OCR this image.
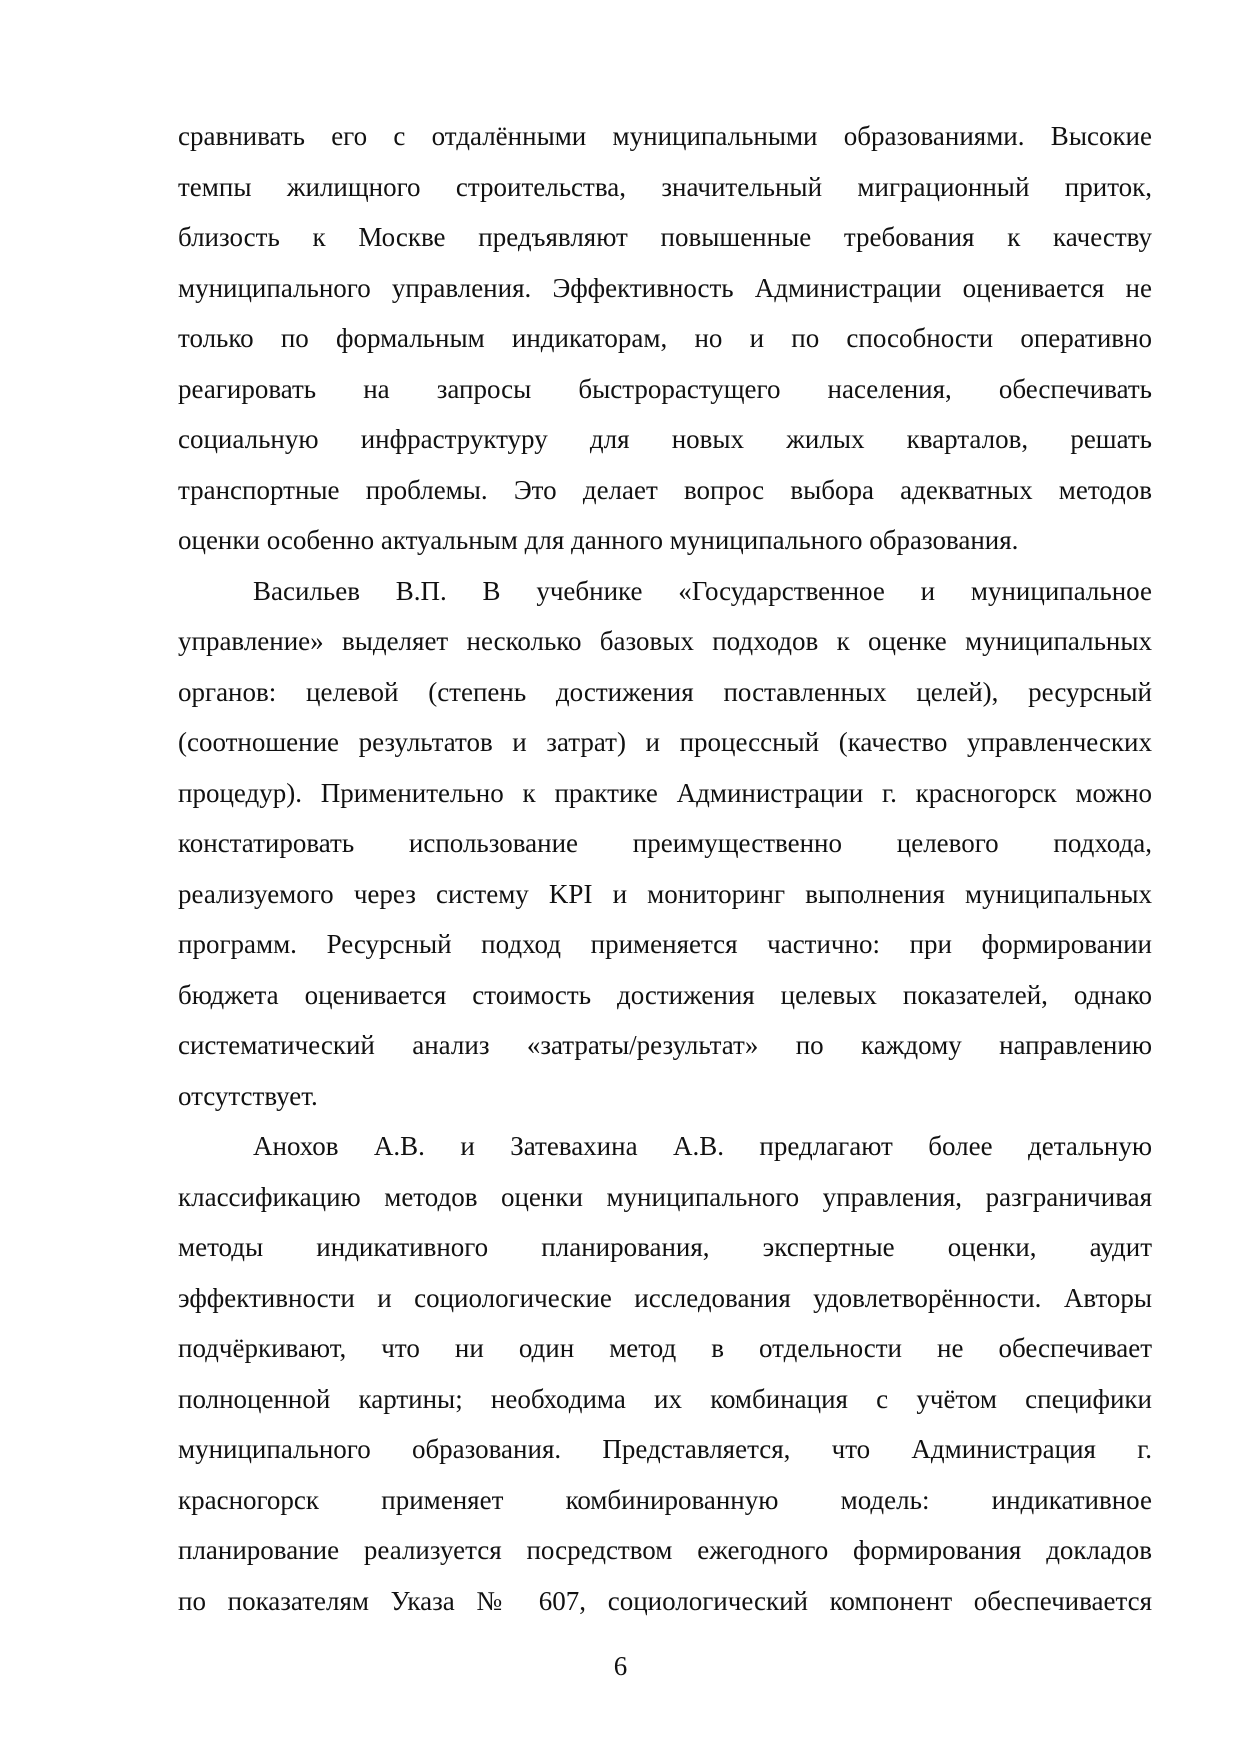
сравнивать его с отдалёнными муниципальными образованиями. Высокие
темпы жилищного строительства, значительный миграционный приток,
близость к Москве предъявляют повышенные требования к качеству
муниципального управления. Эффективность Администрации оценивается не
только по формальным индикаторам, но и по способности оперативно
реагировать на запросы быстрорастущего населения, обеспечивать
социальную инфраструктуру для новых жилых кварталов, решать
транспортные проблемы. Это делает вопрос выбора адекватных методов
оценки особенно актуальным для данного муниципального образования.

Васильев В.П. В учебнике «Государственное и муниципальное
управление» выделяет несколько базовых подходов к оценке муниципальных
органов: целевой (степень достижения поставленных целей), ресурсный
(соотношение результатов и затрат) и процессный (качество управленческих
процедур). Применительно к практике Администрации г. красногорск можно
констатировать использование преимущественно целевого подхода,
реализуемого через систему KPI и мониторинг выполнения муниципальных
программ. Ресурсный подход применяется частично: при формировании
бюджета оценивается стоимость достижения целевых показателей, однако
систематический анализ «затраты/результат» по каждому направлению
отсутствует.

Анохов А.В. и Затевахина А.В. предлагают более детальную
классификацию методов оценки муниципального управления, разграничивая
методы индикативного планирования, экспертные оценки, аудит
эффективности и социологические исследования удовлетворённости. Авторы
подчёркивают, что ни один метод в отдельности не обеспечивает
полноценной картины; необходима их комбинация с учётом специфики
муниципального образования. Представляется, что Администрация г.
красногорск применяет комбинированную модель: индикативное
планирование реализуется посредством ежегодного формирования докладов
по показателям Указа № 607, социологический компонент обеспечивается

6
